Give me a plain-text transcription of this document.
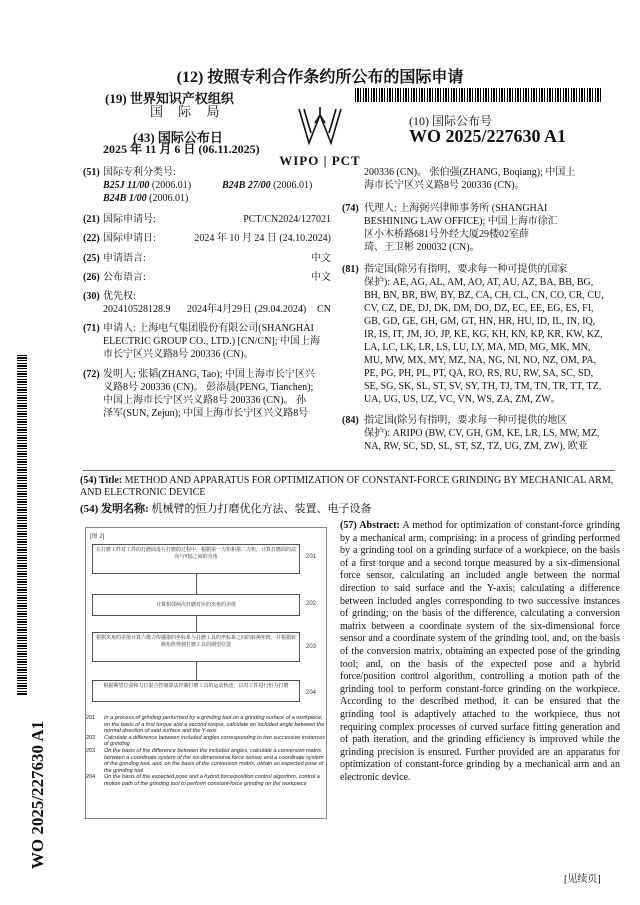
(12) 按照专利合作条约所公布的国际申请
(19) 世界知识产权组织
国 际 局
(43) 国际公布日
2025 年 11 月 6 日 (06.11.2025)
WIPO | PCT
(10) 国际公布号
WO 2025/227630 A1
WO 2025/227630 A1
(51) 国际专利分类号:
B25J 11/00 (2006.01)	B24B 27/00 (2006.01)
B24B 1/00 (2006.01)
(21) 国际申请号:	PCT/CN2024/127021
(22) 国际申请日:	2024 年 10 月 24 日 (24.10.2024)
(25) 申请语言:	中文
(26) 公布语言:	中文
(30) 优先权:
202410528128.9 2024年4月29日 (29.04.2024) CN
(71) 申请人: 上海电气集团股份有限公司(SHANGHAI
ELECTRIC GROUP CO., LTD.) [CN/CN]; 中国上海
市长宁区兴义路8号 200336 (CN)。
(72) 发明人: 张韬(ZHANG, Tao); 中国上海市长宁区兴
义路8号 200336 (CN)。 彭添晨(PENG, Tianchen);
中国上海市长宁区兴义路8号 200336 (CN)。 孙
泽军(SUN, Zejun); 中国上海市长宁区兴义路8号
200336 (CN)。 张伯强(ZHANG, Boqiang); 中国上
海市长宁区兴义路8号 200336 (CN)。
(74) 代理人: 上海弼兴律师事务所 (SHANGHAI
BESHINING LAW OFFICE); 中国上海市徐汇
区小木桥路681号外经大厦29楼02室薛
琦、王卫彬 200032 (CN)。
(81) 指定国(除另有指明，要求每一种可提供的国家
保护): AE, AG, AL, AM, AO, AT, AU, AZ, BA, BB, BG,
BH, BN, BR, BW, BY, BZ, CA, CH, CL, CN, CO, CR, CU,
CV, CZ, DE, DJ, DK, DM, DO, DZ, EC, EE, EG, ES, FI,
GB, GD, GE, GH, GM, GT, HN, HR, HU, ID, IL, IN, IQ,
IR, IS, IT, JM, JO, JP, KE, KG, KH, KN, KP, KR, KW, KZ,
LA, LC, LK, LR, LS, LU, LY, MA, MD, MG, MK, MN,
MU, MW, MX, MY, MZ, NA, NG, NI, NO, NZ, OM, PA,
PE, PG, PH, PL, PT, QA, RO, RS, RU, RW, SA, SC, SD,
SE, SG, SK, SL, ST, SV, SY, TH, TJ, TM, TN, TR, TT, TZ,
UA, UG, US, UZ, VC, VN, WS, ZA, ZM, ZW。
(84) 指定国(除另有指明，要求每一种可提供的地区
保护): ARIPO (BW, CV, GH, GM, KE, LR, LS, MW, MZ,
NA, RW, SC, SD, SL, ST, SZ, TZ, UG, ZM, ZW), 欧亚
(54) Title: METHOD AND APPARATUS FOR OPTIMIZATION OF CONSTANT-FORCE GRINDING BY MECHANICAL ARM, AND ELECTRONIC DEVICE
(54) 发明名称: 机械臂的恒力打磨优化方法、装置、电子设备
[图 2]
在打磨工件对工件的打磨面进行打磨的过程中，根据第一力矩和第二力矩，计算打磨面的法向与Y轴之间的夹角	201
计算相邻两次打磨对应的夹角的差值	202
根据夹角的差值计算六维力传感器的坐标系与打磨工具的坐标系之间的转换矩阵，并根据转换矩阵得到打磨工具的期望位姿	203
根据期望位姿和力位混合控制算法控制打磨工具的运动轨迹，以对工件进行恒力打磨
204
201 In a process of grinding performed by a grinding tool on a grinding surface of a workpiece, on the basis of a first torque and a second torque, calculate an included angle between the normal direction of said surface and the Y-axis
202 Calculate a difference between included angles corresponding to two successive instances of grinding
203 On the basis of the difference between the included angles, calculate a conversion matrix between a coordinate system of the six-dimensional force sensor and a coordinate system of the grinding tool, and, on the basis of the conversion matrix, obtain an expected pose of the grinding tool
204 On the basis of the expected pose and a hybrid force/position control algorithm, control a motion path of the grinding tool to perform constant-force grinding on the workpiece
(57) Abstract: A method for optimization of constant-force grinding by a mechanical arm, comprising: in a process of grinding performed by a grinding tool on a grinding surface of a workpiece, on the basis of a first torque and a second torque measured by a six-dimensional force sensor, calculating an included angle between the normal direction to said surface and the Y-axis; calculating a difference between included angles corresponding to two successive instances of grinding; on the basis of the difference, calculating a conversion matrix between a coordinate system of the six-dimensional force sensor and a coordinate system of the grinding tool, and, on the basis of the conversion matrix, obtaining an expected pose of the grinding tool; and, on the basis of the expected pose and a hybrid force/position control algorithm, controlling a motion path of the grinding tool to perform constant-force grinding on the workpiece. According to the described method, it can be ensured that the grinding tool is adaptively attached to the workpiece, thus not requiring complex processes of curved surface fitting generation and of path iteration, and the grinding efficiency is improved while the grinding precision is ensured. Further provided are an apparatus for optimization of constant-force grinding by a mechanical arm and an electronic device.
[见续页]
